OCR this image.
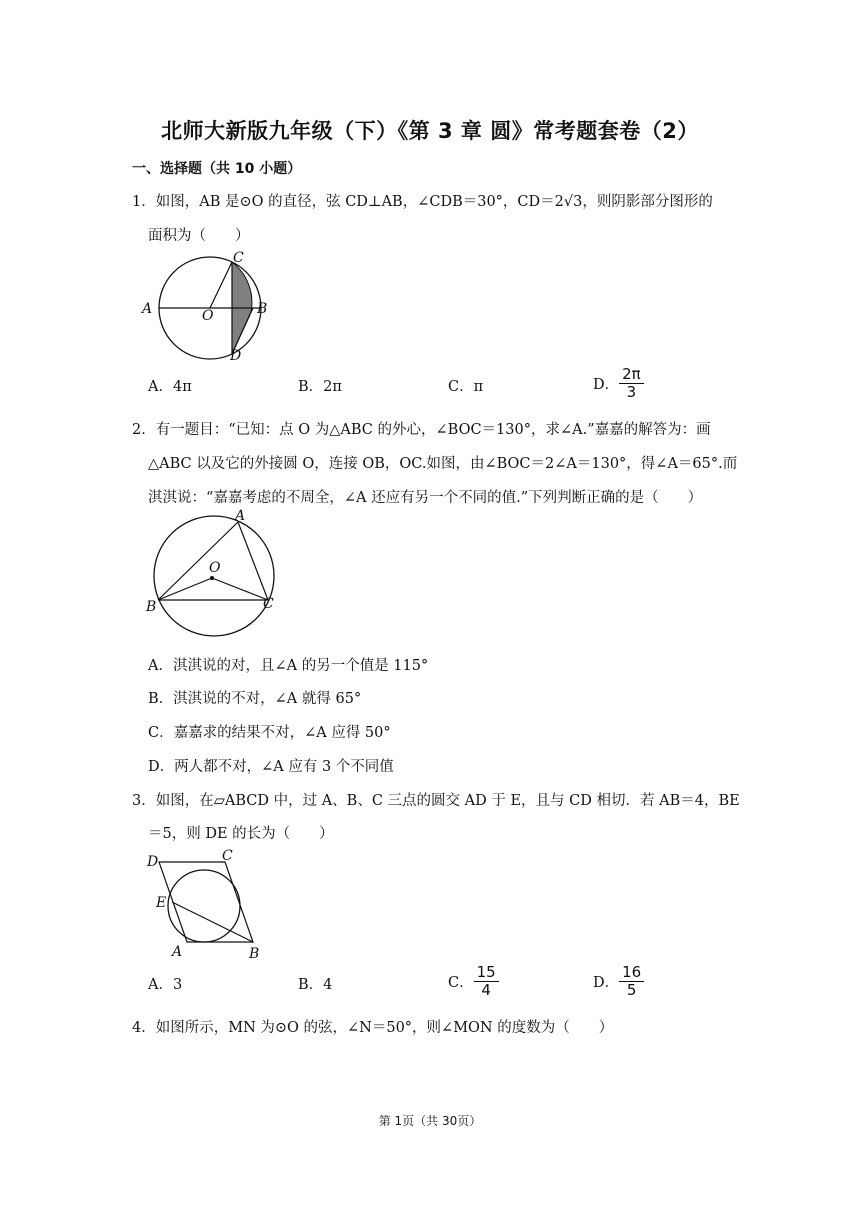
北师大新版九年级（下）《第 3 章 圆》常考题套卷（2）
一、选择题（共 10 小题）
1．如图，AB 是⊙O 的直径，弦 CD⊥AB，∠CDB＝30°，CD＝2√3，则阴影部分图形的
面积为（　　）
A	O	B
C
D
A．4π	B．2π	C．π	D． $\frac{2\pi}{3}$
2．有一题目：“已知：点 O 为△ABC 的外心，∠BOC＝130°，求∠A.”嘉嘉的解答为：画
△ABC 以及它的外接圆 O，连接 OB，OC.如图，由∠BOC＝2∠A＝130°，得∠A＝65°.而
淇淇说：“嘉嘉考虑的不周全，∠A 还应有另一个不同的值.”下列判断正确的是（　　）
A
O
B	C
A．淇淇说的对，且∠A 的另一个值是 115°
B．淇淇说的不对，∠A 就得 65°
C．嘉嘉求的结果不对，∠A 应得 50°
D．两人都不对，∠A 应有 3 个不同值
3．如图，在▱ABCD 中，过 A、B、C 三点的圆交 AD 于 E，且与 CD 相切．若 AB＝4，BE
＝5，则 DE 的长为（　　）
D	C
E
A	B
A．3	B．4	C． $\frac{15}{4}$	D． $\frac{16}{5}$
4．如图所示，MN 为⊙O 的弦，∠N＝50°，则∠MON 的度数为（　　）
第 1页（共 30页）
